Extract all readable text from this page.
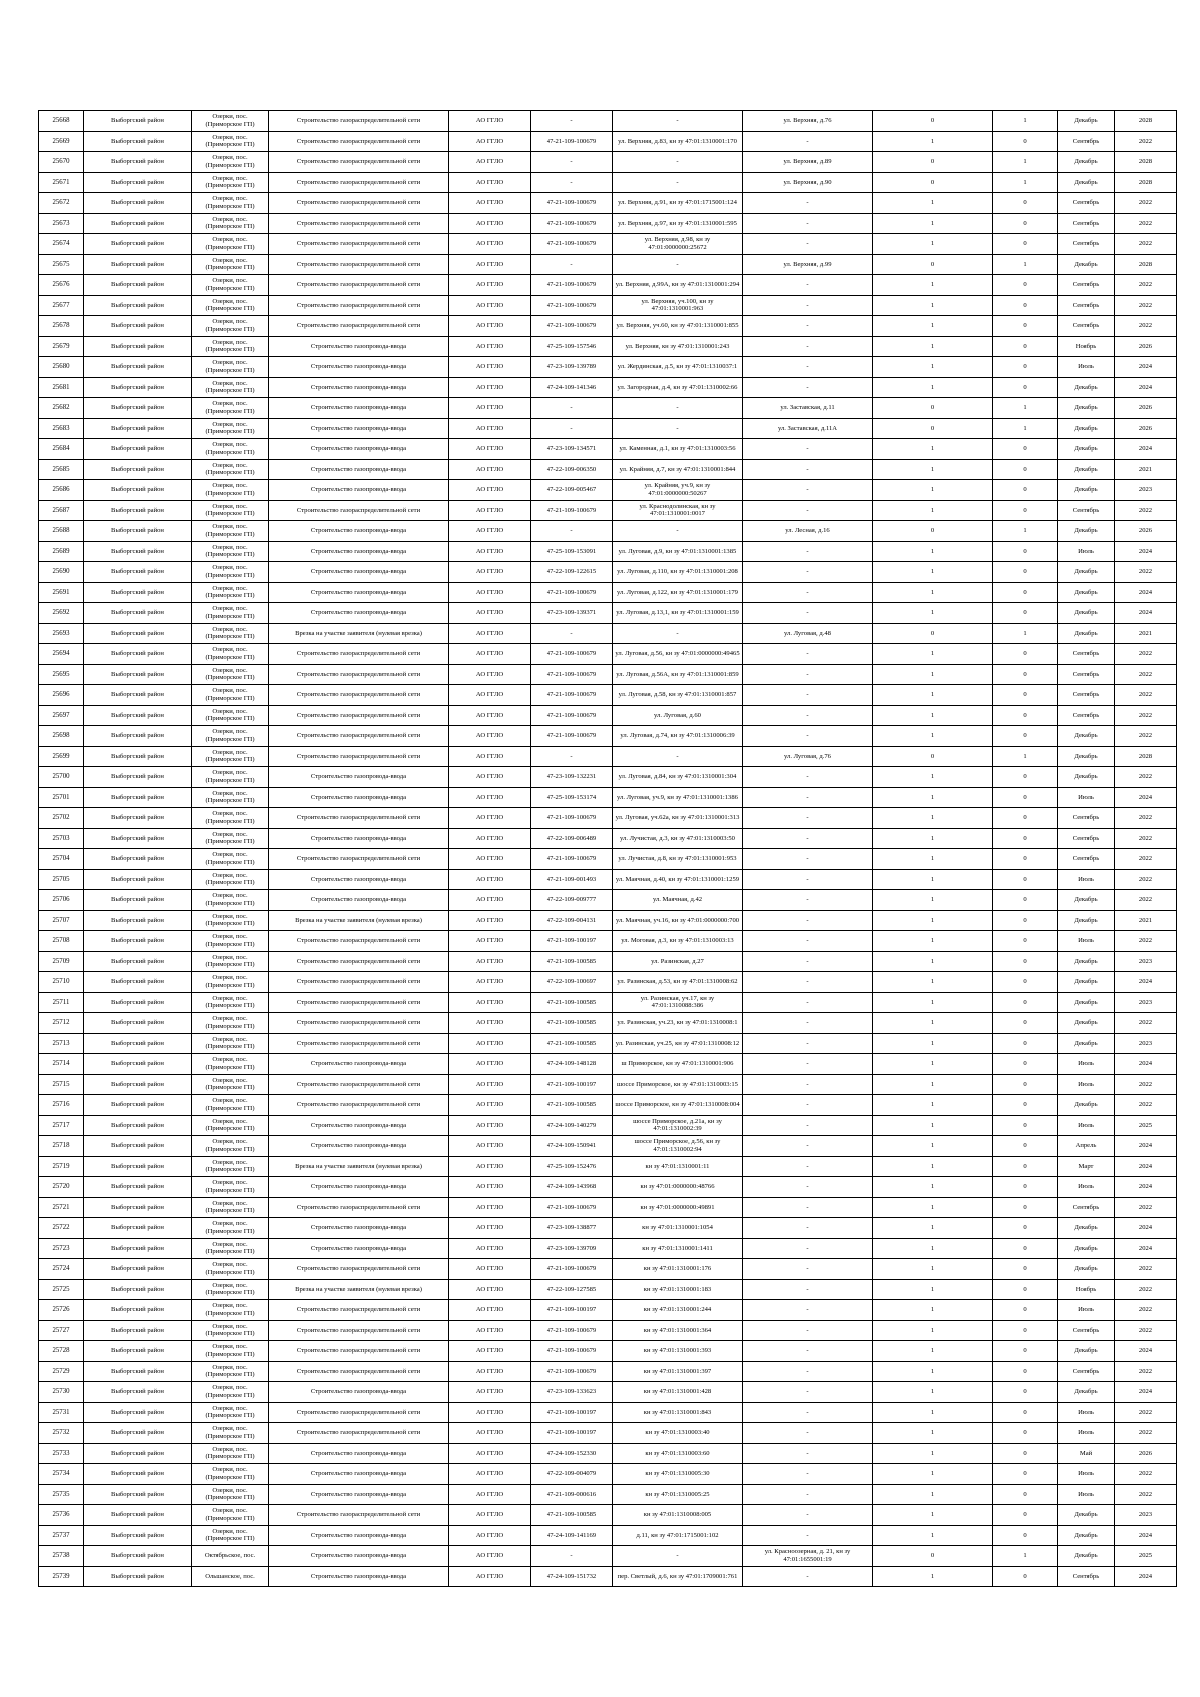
25668	Выборгский район	Озерки, пос. (Приморское ГП)	Строительство газораспределительной сети	АО ГГЛО	-	-	ул. Верхняя, д.76	0	1	Декабрь	2028
25669	Выборгский район	Озерки, пос. (Приморское ГП)	Строительство газораспределительной сети	АО ГГЛО	47-21-109-100679	ул. Верхняя, д.83, кн зу 47:01:1310001:170	-	1	0	Сентябрь	2022
25670	Выборгский район	Озерки, пос. (Приморское ГП)	Строительство газораспределительной сети	АО ГГЛО	-	-	ул. Верхняя, д.89	0	1	Декабрь	2028
25671	Выборгский район	Озерки, пос. (Приморское ГП)	Строительство газораспределительной сети	АО ГГЛО	-	-	ул. Верхняя, д.90	0	1	Декабрь	2028
25672	Выборгский район	Озерки, пос. (Приморское ГП)	Строительство газораспределительной сети	АО ГГЛО	47-21-109-100679	ул. Верхняя, д.91, кн зу 47:01:1715001:124	-	1	0	Сентябрь	2022
25673	Выборгский район	Озерки, пос. (Приморское ГП)	Строительство газораспределительной сети	АО ГГЛО	47-21-109-100679	ул. Верхняя, д.97, кн зу 47:01:1310001:595	-	1	0	Сентябрь	2022
25674	Выборгский район	Озерки, пос. (Приморское ГП)	Строительство газораспределительной сети	АО ГГЛО	47-21-109-100679	ул. Верхняя, д.98, кн зу 47:01:0000000:25672	-	1	0	Сентябрь	2022
25675	Выборгский район	Озерки, пос. (Приморское ГП)	Строительство газораспределительной сети	АО ГГЛО	-	-	ул. Верхняя, д.99	0	1	Декабрь	2028
25676	Выборгский район	Озерки, пос. (Приморское ГП)	Строительство газораспределительной сети	АО ГГЛО	47-21-109-100679	ул. Верхняя, д.99А, кн зу 47:01:1310001:294	-	1	0	Сентябрь	2022
25677	Выборгский район	Озерки, пос. (Приморское ГП)	Строительство газораспределительной сети	АО ГГЛО	47-21-109-100679	ул. Верхняя, уч.100, кн зу 47:01:1310001:963	-	1	0	Сентябрь	2022
25678	Выборгский район	Озерки, пос. (Приморское ГП)	Строительство газораспределительной сети	АО ГГЛО	47-21-109-100679	ул. Верхняя, уч.60, кн зу 47:01:1310001:855	-	1	0	Сентябрь	2022
25679	Выборгский район	Озерки, пос. (Приморское ГП)	Строительство газопровода-ввода	АО ГГЛО	47-25-109-157546	ул. Верхняя, кн зу 47:01:1310001:243	-	1	0	Ноябрь	2026
25680	Выборгский район	Озерки, пос. (Приморское ГП)	Строительство газопровода-ввода	АО ГГЛО	47-23-109-139789	ул. Жердинская, д.5, кн зу 47:01:1310037:1	-	1	0	Июль	2024
25681	Выборгский район	Озерки, пос. (Приморское ГП)	Строительство газопровода-ввода	АО ГГЛО	47-24-109-141346	ул. Загородная, д.4, кн зу 47:01:1310002:66	-	1	0	Декабрь	2024
25682	Выборгский район	Озерки, пос. (Приморское ГП)	Строительство газопровода-ввода	АО ГГЛО	-	-	ул. Заставская, д.11	0	1	Декабрь	2026
25683	Выборгский район	Озерки, пос. (Приморское ГП)	Строительство газопровода-ввода	АО ГГЛО	-	-	ул. Заставская, д.11А	0	1	Декабрь	2026
25684	Выборгский район	Озерки, пос. (Приморское ГП)	Строительство газопровода-ввода	АО ГГЛО	47-23-109-134571	ул. Каменная, д.1, кн зу 47:01:1310003:56	-	1	0	Декабрь	2024
25685	Выборгский район	Озерки, пос. (Приморское ГП)	Строительство газопровода-ввода	АО ГГЛО	47-22-109-006350	ул. Крайняя, д.7, кн зу 47:01:1310001:844	-	1	0	Декабрь	2021
25686	Выборгский район	Озерки, пос. (Приморское ГП)	Строительство газопровода-ввода	АО ГГЛО	47-22-109-005467	ул. Крайняя, уч.9, кн зу 47:01:0000000:50267	-	1	0	Декабрь	2023
25687	Выборгский район	Озерки, пос. (Приморское ГП)	Строительство газораспределительной сети	АО ГГЛО	47-21-109-100679	ул. Краснодолинская, кн зу 47:01:1310001:0017	-	1	0	Сентябрь	2022
25688	Выборгский район	Озерки, пос. (Приморское ГП)	Строительство газопровода-ввода	АО ГГЛО	-	-	ул. Лесная, д.16	0	1	Декабрь	2026
25689	Выборгский район	Озерки, пос. (Приморское ГП)	Строительство газопровода-ввода	АО ГГЛО	47-25-109-153091	ул. Луговая, д.9, кн зу 47:01:1310001:1385	-	1	0	Июль	2024
25690	Выборгский район	Озерки, пос. (Приморское ГП)	Строительство газопровода-ввода	АО ГГЛО	47-22-109-122615	ул. Луговая, д.110, кн зу 47:01:1310001:208	-	1	0	Декабрь	2022
25691	Выборгский район	Озерки, пос. (Приморское ГП)	Строительство газопровода-ввода	АО ГГЛО	47-21-109-100679	ул. Луговая, д.122, кн зу 47:01:1310001:179	-	1	0	Декабрь	2024
25692	Выборгский район	Озерки, пос. (Приморское ГП)	Строительство газопровода-ввода	АО ГГЛО	47-23-109-139371	ул. Луговая, д.13,1, кн зу 47:01:1310001:159	-	1	0	Декабрь	2024
25693	Выборгский район	Озерки, пос. (Приморское ГП)	Врезка на участке заявителя (нулевая врезка)	АО ГГЛО	-	-	ул. Луговая, д.48	0	1	Декабрь	2021
25694	Выборгский район	Озерки, пос. (Приморское ГП)	Строительство газораспределительной сети	АО ГГЛО	47-21-109-100679	ул. Луговая, д.56, кн зу 47:01:0000000:49465	-	1	0	Сентябрь	2022
25695	Выборгский район	Озерки, пос. (Приморское ГП)	Строительство газораспределительной сети	АО ГГЛО	47-21-109-100679	ул. Луговая, д.56А, кн зу 47:01:1310001:859	-	1	0	Сентябрь	2022
25696	Выборгский район	Озерки, пос. (Приморское ГП)	Строительство газораспределительной сети	АО ГГЛО	47-21-109-100679	ул. Луговая, д.58, кн зу 47:01:1310001:857	-	1	0	Сентябрь	2022
25697	Выборгский район	Озерки, пос. (Приморское ГП)	Строительство газораспределительной сети	АО ГГЛО	47-21-109-100679	ул. Луговая, д.60	-	1	0	Сентябрь	2022
25698	Выборгский район	Озерки, пос. (Приморское ГП)	Строительство газораспределительной сети	АО ГГЛО	47-21-109-100679	ул. Луговая, д.74, кн зу 47:01:1310006:39	-	1	0	Декабрь	2022
25699	Выборгский район	Озерки, пос. (Приморское ГП)	Строительство газораспределительной сети	АО ГГЛО	-	-	ул. Луговая, д.76	0	1	Декабрь	2028
25700	Выборгский район	Озерки, пос. (Приморское ГП)	Строительство газопровода-ввода	АО ГГЛО	47-23-109-132231	ул. Луговая, д.84, кн зу 47:01:1310001:304	-	1	0	Декабрь	2022
25701	Выборгский район	Озерки, пос. (Приморское ГП)	Строительство газопровода-ввода	АО ГГЛО	47-25-109-153174	ул. Луговая, уч.9, кн зу 47:01:1310001:1386	-	1	0	Июль	2024
25702	Выборгский район	Озерки, пос. (Приморское ГП)	Строительство газораспределительной сети	АО ГГЛО	47-21-109-100679	ул. Луговая, уч.62а, кн зу 47:01:1310001:313	-	1	0	Сентябрь	2022
25703	Выборгский район	Озерки, пос. (Приморское ГП)	Строительство газопровода-ввода	АО ГГЛО	47-22-109-006489	ул. Лучистая, д.3, кн зу 47:01:1310003:50	-	1	0	Сентябрь	2022
25704	Выборгский район	Озерки, пос. (Приморское ГП)	Строительство газораспределительной сети	АО ГГЛО	47-21-109-100679	ул. Лучистая, д.8, кн зу 47:01:1310001:953	-	1	0	Сентябрь	2022
25705	Выборгский район	Озерки, пос. (Приморское ГП)	Строительство газопровода-ввода	АО ГГЛО	47-21-109-001493	ул. Маячная, д.40, кн зу 47:01:1310001:1259	-	1	0	Июль	2022
25706	Выборгский район	Озерки, пос. (Приморское ГП)	Строительство газопровода-ввода	АО ГГЛО	47-22-109-009777	ул. Маячная, д.42	-	1	0	Декабрь	2022
25707	Выборгский район	Озерки, пос. (Приморское ГП)	Врезка на участке заявителя (нулевая врезка)	АО ГГЛО	47-22-109-004131	ул. Маячная, уч.16, кн зу 47:01:0000000:700	-	1	0	Декабрь	2021
25708	Выборгский район	Озерки, пос. (Приморское ГП)	Строительство газораспределительной сети	АО ГГЛО	47-21-109-100197	ул. Моговая, д.3, кн зу 47:01:1310003:13	-	1	0	Июль	2022
25709	Выборгский район	Озерки, пос. (Приморское ГП)	Строительство газораспределительной сети	АО ГГЛО	47-21-109-100585	ул. Разинская, д.27	-	1	0	Декабрь	2023
25710	Выборгский район	Озерки, пос. (Приморское ГП)	Строительство газораспределительной сети	АО ГГЛО	47-22-109-100697	ул. Разинская, д.53, кн зу 47:01:1310008:62	-	1	0	Декабрь	2024
25711	Выборгский район	Озерки, пос. (Приморское ГП)	Строительство газораспределительной сети	АО ГГЛО	47-21-109-100585	ул. Разинская, уч.17, кн зу 47:01:1310088:386	-	1	0	Декабрь	2023
25712	Выборгский район	Озерки, пос. (Приморское ГП)	Строительство газораспределительной сети	АО ГГЛО	47-21-109-100585	ул. Разинская, уч.23, кн зу 47:01:1310008:1	-	1	0	Декабрь	2022
25713	Выборгский район	Озерки, пос. (Приморское ГП)	Строительство газораспределительной сети	АО ГГЛО	47-21-109-100585	ул. Разинская, уч.25, кн зу 47:01:1310008:12	-	1	0	Декабрь	2023
25714	Выборгский район	Озерки, пос. (Приморское ГП)	Строительство газопровода-ввода	АО ГГЛО	47-24-109-148128	ш Приморское, кн зу 47:01:1310001:906	-	1	0	Июль	2024
25715	Выборгский район	Озерки, пос. (Приморское ГП)	Строительство газораспределительной сети	АО ГГЛО	47-21-109-100197	шоссе Приморское, кн зу 47:01:1310003:15	-	1	0	Июль	2022
25716	Выборгский район	Озерки, пос. (Приморское ГП)	Строительство газораспределительной сети	АО ГГЛО	47-21-109-100585	шоссе Приморское, кн зу 47:01:1310008:004	-	1	0	Декабрь	2022
25717	Выборгский район	Озерки, пос. (Приморское ГП)	Строительство газопровода-ввода	АО ГГЛО	47-24-109-140279	шоссе Приморское, д.21а, кн зу 47:01:1310002:39	-	1	0	Июль	2025
25718	Выборгский район	Озерки, пос. (Приморское ГП)	Строительство газопровода-ввода	АО ГГЛО	47-24-109-150941	шоссе Приморское, д.56, кн зу 47:01:1310002:94	-	1	0	Апрель	2024
25719	Выборгский район	Озерки, пос. (Приморское ГП)	Врезка на участке заявителя (нулевая врезка)	АО ГГЛО	47-25-109-152476	кн зу 47:01:1310001:11	-	1	0	Март	2024
25720	Выборгский район	Озерки, пос. (Приморское ГП)	Строительство газопровода-ввода	АО ГГЛО	47-24-109-143968	кн зу 47:01:0000000:48766	-	1	0	Июль	2024
25721	Выборгский район	Озерки, пос. (Приморское ГП)	Строительство газораспределительной сети	АО ГГЛО	47-21-109-100679	кн зу 47:01:0000000:49891	-	1	0	Сентябрь	2022
25722	Выборгский район	Озерки, пос. (Приморское ГП)	Строительство газопровода-ввода	АО ГГЛО	47-23-109-138877	кн зу 47:01:1310001:1054	-	1	0	Декабрь	2024
25723	Выборгский район	Озерки, пос. (Приморское ГП)	Строительство газопровода-ввода	АО ГГЛО	47-23-109-139709	кн зу 47:01:1310001:1411	-	1	0	Декабрь	2024
25724	Выборгский район	Озерки, пос. (Приморское ГП)	Строительство газораспределительной сети	АО ГГЛО	47-21-109-100679	кн зу 47:01:1310001:176	-	1	0	Декабрь	2022
25725	Выборгский район	Озерки, пос. (Приморское ГП)	Врезка на участке заявителя (нулевая врезка)	АО ГГЛО	47-22-109-127585	кн зу 47:01:1310001:183	-	1	0	Ноябрь	2022
25726	Выборгский район	Озерки, пос. (Приморское ГП)	Строительство газораспределительной сети	АО ГГЛО	47-21-109-100197	кн зу 47:01:1310001:244	-	1	0	Июль	2022
25727	Выборгский район	Озерки, пос. (Приморское ГП)	Строительство газораспределительной сети	АО ГГЛО	47-21-109-100679	кн зу 47:01:1310001:364	-	1	0	Сентябрь	2022
25728	Выборгский район	Озерки, пос. (Приморское ГП)	Строительство газораспределительной сети	АО ГГЛО	47-21-109-100679	кн зу 47:01:1310001:393	-	1	0	Декабрь	2024
25729	Выборгский район	Озерки, пос. (Приморское ГП)	Строительство газораспределительной сети	АО ГГЛО	47-21-109-100679	кн зу 47:01:1310001:397	-	1	0	Сентябрь	2022
25730	Выборгский район	Озерки, пос. (Приморское ГП)	Строительство газопровода-ввода	АО ГГЛО	47-23-109-133623	кн зу 47:01:1310001:428	-	1	0	Декабрь	2024
25731	Выборгский район	Озерки, пос. (Приморское ГП)	Строительство газораспределительной сети	АО ГГЛО	47-21-109-100197	кн зу 47:01:1310001:843	-	1	0	Июль	2022
25732	Выборгский район	Озерки, пос. (Приморское ГП)	Строительство газораспределительной сети	АО ГГЛО	47-21-109-100197	кн зу 47:01:1310003:40	-	1	0	Июль	2022
25733	Выборгский район	Озерки, пос. (Приморское ГП)	Строительство газопровода-ввода	АО ГГЛО	47-24-109-152330	кн зу 47:01:1310003:60	-	1	0	Май	2026
25734	Выборгский район	Озерки, пос. (Приморское ГП)	Строительство газопровода-ввода	АО ГГЛО	47-22-109-004079	кн зу 47:01:1310005:30	-	1	0	Июль	2022
25735	Выборгский район	Озерки, пос. (Приморское ГП)	Строительство газопровода-ввода	АО ГГЛО	47-21-109-000616	кн зу 47:01:1310005:25	-	1	0	Июль	2022
25736	Выборгский район	Озерки, пос. (Приморское ГП)	Строительство газораспределительной сети	АО ГГЛО	47-21-109-100585	кн зу 47:01:1310008:005	-	1	0	Декабрь	2023
25737	Выборгский район	Озерки, пос. (Приморское ГП)	Строительство газопровода-ввода	АО ГГЛО	47-24-109-141169	д.11, кн зу 47:01:1715001:102	-	1	0	Декабрь	2024
25738	Выборгский район	Октябрьское, пос.	Строительство газопровода-ввода	АО ГГЛО	-	-	ул. Красноозерная, д. 21, кн зу 47:01:1655001:19	0	1	Декабрь	2025
25739	Выборгский район	Ольшанское, пос.	Строительство газопровода-ввода	АО ГГЛО	47-24-109-151732	пер. Светлый, д.6, кн зу 47:01:1709001:761	-	1	0	Сентябрь	2024
